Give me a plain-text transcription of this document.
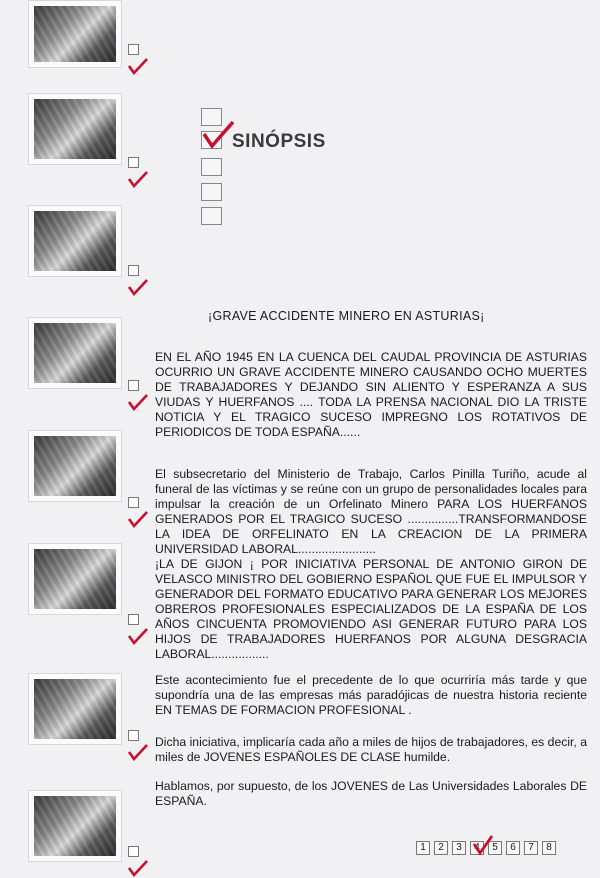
SINÓPSIS
¡GRAVE ACCIDENTE MINERO EN ASTURIAS¡
EN EL AÑO 1945 EN LA CUENCA DEL CAUDAL PROVINCIA DE ASTURIAS OCURRIO UN GRAVE ACCIDENTE MINERO CAUSANDO OCHO MUERTES DE TRABAJADORES Y DEJANDO SIN ALIENTO Y ESPERANZA A SUS VIUDAS Y HUERFANOS .... TODA LA PRENSA NACIONAL DIO LA TRISTE NOTICIA Y EL TRAGICO SUCESO IMPREGNO LOS ROTATIVOS DE PERIODICOS DE TODA ESPAÑA......
El subsecretario del Ministerio de Trabajo, Carlos Pinilla Turiño, acude al funeral de las víctimas y se reúne con un grupo de personalidades locales para impulsar la creación de un Orfelinato Minero PARA LOS HUERFANOS GENERADOS POR EL TRAGICO SUCESO ...............TRANSFORMANDOSE LA IDEA DE ORFELINATO EN LA CREACION DE LA PRIMERA UNIVERSIDAD LABORAL.......................
¡LA DE GIJON ¡ POR INICIATIVA PERSONAL DE ANTONIO GIRON DE VELASCO MINISTRO DEL GOBIERNO ESPAÑOL QUE FUE EL IMPULSOR Y GENERADOR DEL FORMATO EDUCATIVO PARA GENERAR LOS MEJORES OBREROS PROFESIONALES ESPECIALIZADOS DE LA ESPAÑA DE LOS AÑOS CINCUENTA PROMOVIENDO ASI GENERAR FUTURO PARA LOS HIJOS DE TRABAJADORES HUERFANOS POR ALGUNA DESGRACIA LABORAL.................
Este acontecimiento fue el precedente de lo que ocurriría más tarde y que supondría una de las empresas más paradójicas de nuestra historia reciente EN TEMAS DE FORMACION PROFESIONAL .
Dicha iniciativa, implicaría cada año a miles de hijos de trabajadores, es decir, a miles de JOVENES ESPAÑOLES DE CLASE humilde.
Hablamos, por supuesto, de los JOVENES de Las Universidades Laborales DE ESPAÑA.
1	2	3	4	5	6	7	8
